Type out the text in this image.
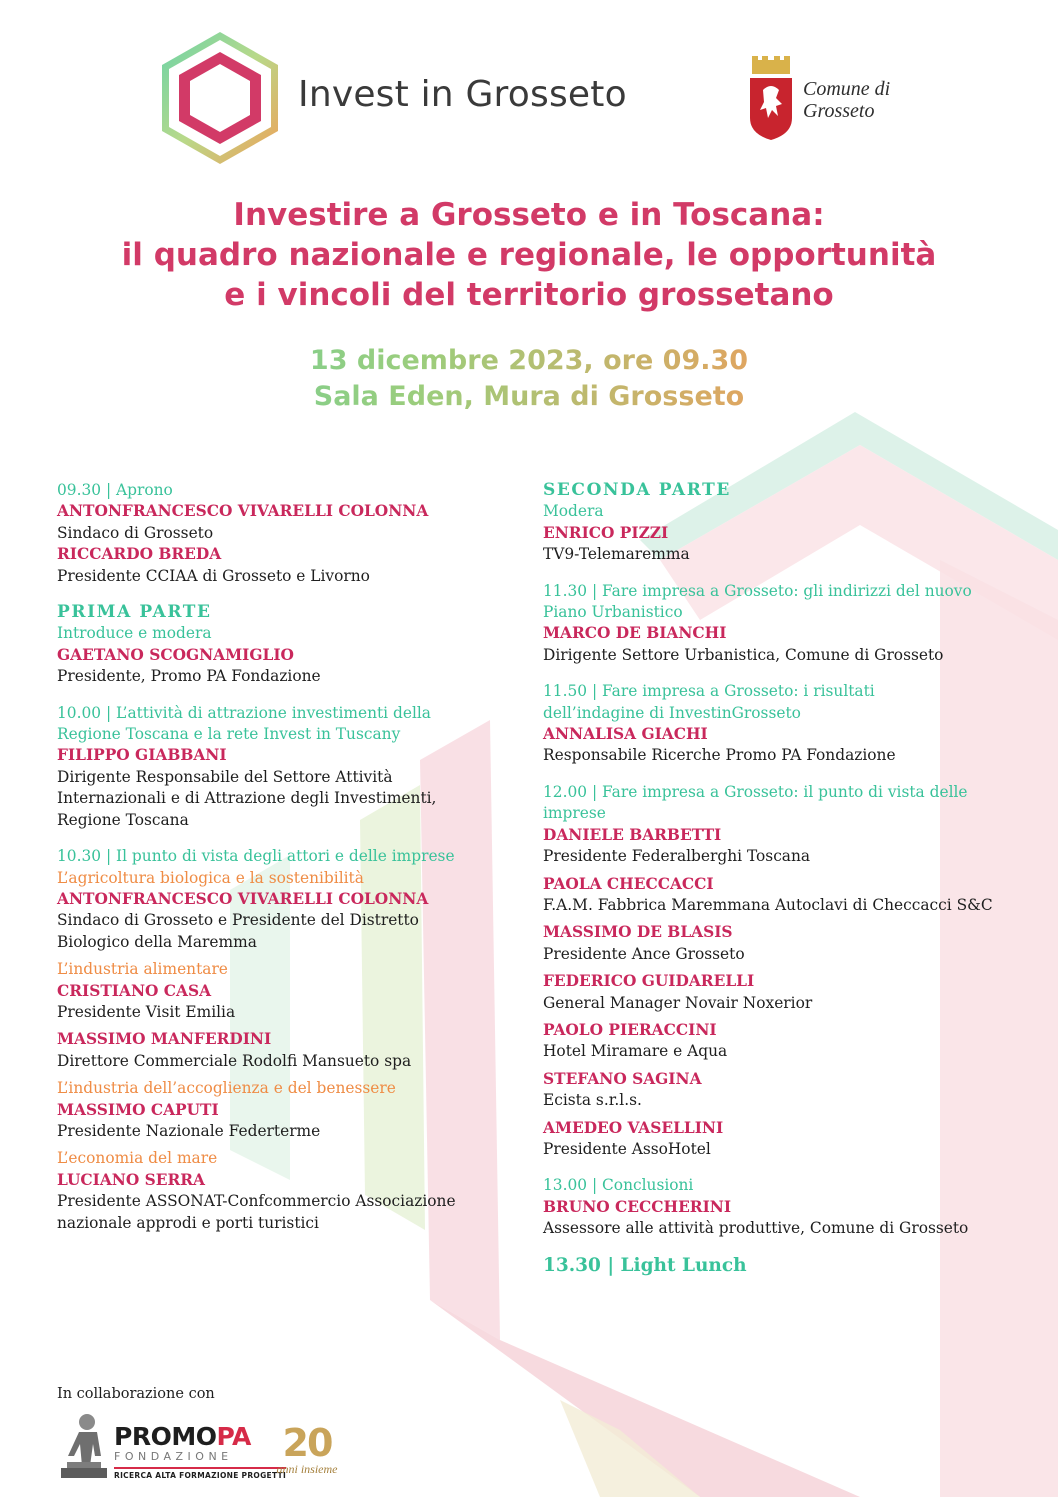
Invest in Grosseto	Comune di
Grosseto
Investire a Grosseto e in Toscana:
il quadro nazionale e regionale, le opportunità
e i vincoli del territorio grossetano
13 dicembre 2023, ore 09.30
Sala Eden, Mura di Grosseto
09.30 | Aprono
ANTONFRANCESCO VIVARELLI COLONNA
Sindaco di Grosseto
RICCARDO BREDA
Presidente CCIAA di Grosseto e Livorno
PRIMA PARTE
Introduce e modera
GAETANO SCOGNAMIGLIO
Presidente, Promo PA Fondazione
10.00 | L’attività di attrazione investimenti della
Regione Toscana e la rete Invest in Tuscany
FILIPPO GIABBANI
Dirigente Responsabile del Settore Attività
Internazionali e di Attrazione degli Investimenti,
Regione Toscana
10.30 | Il punto di vista degli attori e delle imprese
L’agricoltura biologica e la sostenibilità
ANTONFRANCESCO VIVARELLI COLONNA
Sindaco di Grosseto e Presidente del Distretto
Biologico della Maremma
L’industria alimentare
CRISTIANO CASA
Presidente Visit Emilia
MASSIMO MANFERDINI
Direttore Commerciale Rodolfi Mansueto spa
L’industria dell’accoglienza e del benessere
MASSIMO CAPUTI
Presidente Nazionale Federterme
L’economia del mare
LUCIANO SERRA
Presidente ASSONAT-Confcommercio Associazione
nazionale approdi e porti turistici
SECONDA PARTE
Modera
ENRICO PIZZI
TV9-Telemaremma
11.30 | Fare impresa a Grosseto: gli indirizzi del nuovo
Piano Urbanistico
MARCO DE BIANCHI
Dirigente Settore Urbanistica, Comune di Grosseto
11.50 | Fare impresa a Grosseto: i risultati
dell’indagine di InvestinGrosseto
ANNALISA GIACHI
Responsabile Ricerche Promo PA Fondazione
12.00 | Fare impresa a Grosseto: il punto di vista delle
imprese
DANIELE BARBETTI
Presidente Federalberghi Toscana
PAOLA CHECCACCI
F.A.M. Fabbrica Maremmana Autoclavi di Checcacci S&C
MASSIMO DE BLASIS
Presidente Ance Grosseto
FEDERICO GUIDARELLI
General Manager Novair Noxerior
PAOLO PIERACCINI
Hotel Miramare e Aqua
STEFANO SAGINA
Ecista s.r.l.s.
AMEDEO VASELLINI
Presidente AssoHotel
13.00 | Conclusioni
BRUNO CECCHERINI
Assessore alle attività produttive, Comune di Grosseto
13.30 | Light Lunch
In collaborazione con
PROMOPA
FONDAZIONE
RICERCA ALTA FORMAZIONE PROGETTI
20
anni insieme
